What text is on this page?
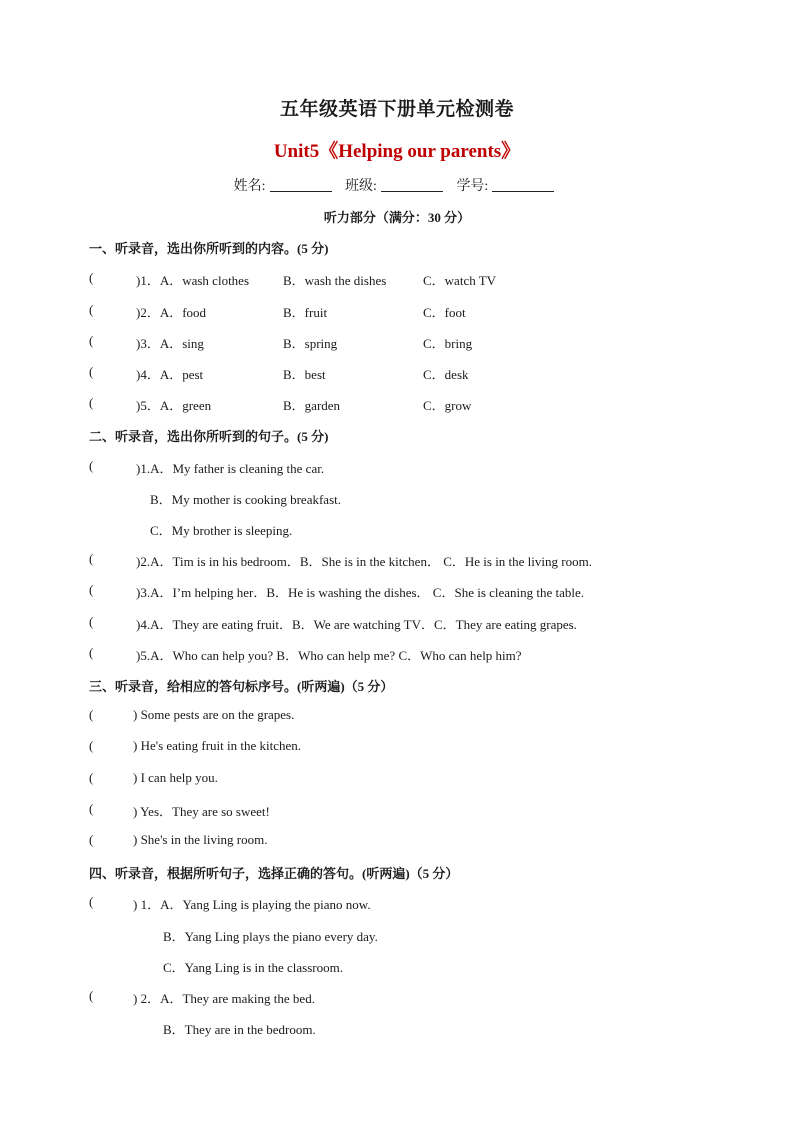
五年级英语下册单元检测卷
Unit5《Helping our parents》
姓名:	班级:	学号:
听力部分（满分：30 分）
一、听录音，选出你所听到的内容。(5 分)
(	)1．A．wash clothes	B．wash the dishes	C．watch TV
(	)2．A．food	B．fruit	C．foot
(	)3．A．sing	B．spring	C．bring
(	)4．A．pest	B．best	C．desk
(	)5．A．green	B．garden	C．grow
二、听录音，选出你所听到的句子。(5 分)
(	)1.A．My father is cleaning the car.
B．My mother is cooking breakfast.
C．My brother is sleeping.
(	)2.A．Tim is in his bedroom．B．She is in the kitchen． C．He is in the living room.
(	)3.A．I’m helping her．B．He is washing the dishes． C．She is cleaning the table.
(	)4.A．They are eating fruit．B．We are watching TV．C．They are eating grapes.
(	)5.A．Who can help you? B．Who can help me? C．Who can help him?
三、听录音，给相应的答句标序号。(听两遍)（5 分）
(	) Some pests are on the grapes.
(	) He's eating fruit in the kitchen.
(	) I can help you.
(	) Yes．They are so sweet!
(	) She's in the living room.
四、听录音，根据所听句子，选择正确的答句。(听两遍)（5 分）
(	) 1．A．Yang Ling is playing the piano now.
B．Yang Ling plays the piano every day.
C．Yang Ling is in the classroom.
(	) 2．A．They are making the bed.
B．They are in the bedroom.
